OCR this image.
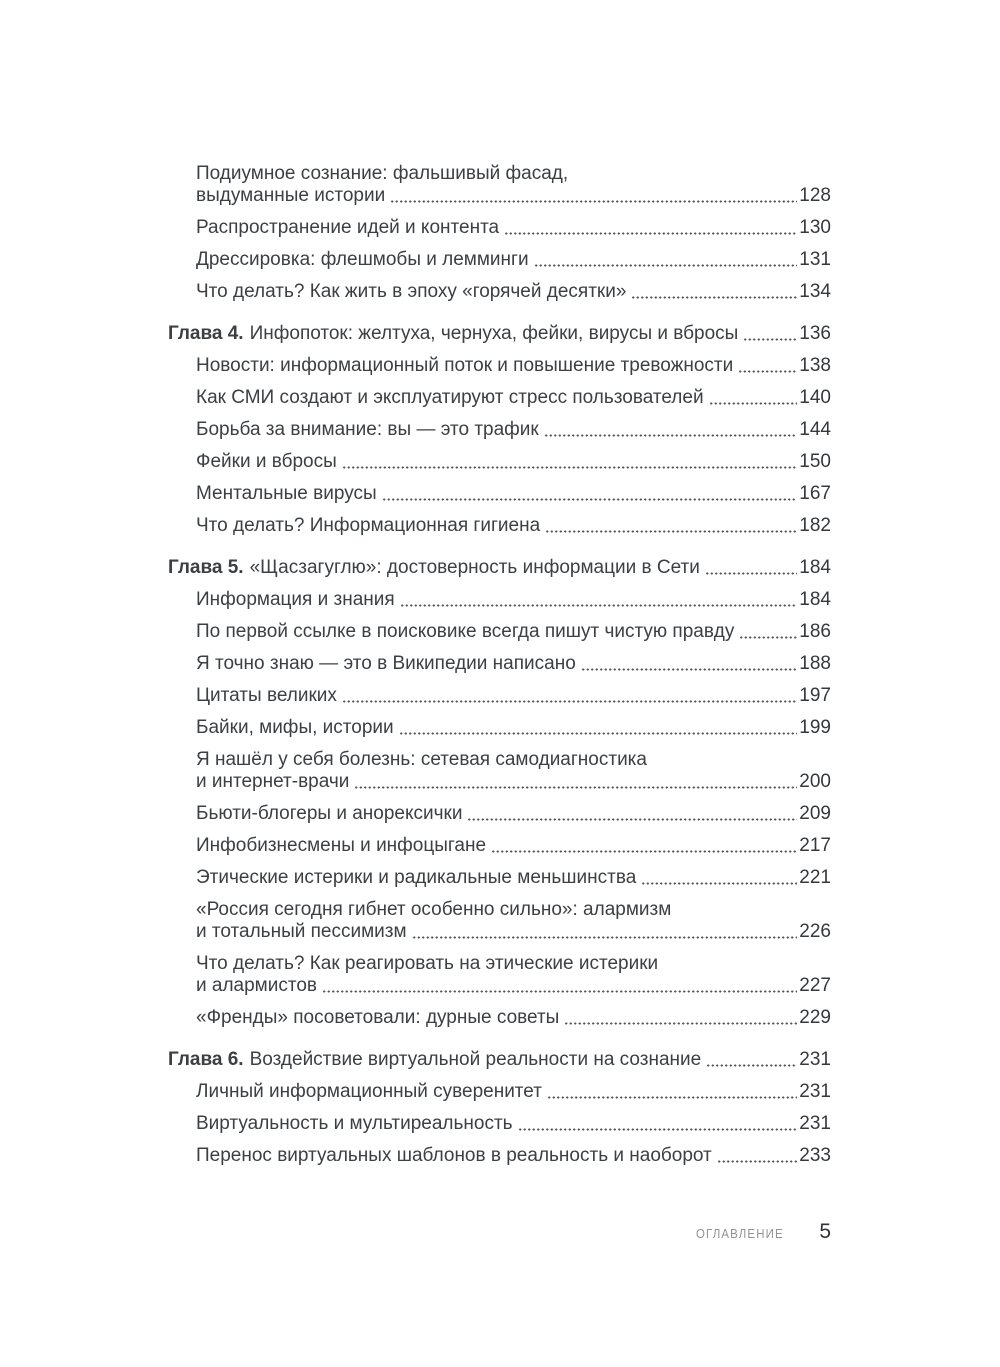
Подиумное сознание: фальшивый фасад,
выдуманные истории	128
Распространение идей и контента	130
Дрессировка: флешмобы и лемминги	131
Что делать? Как жить в эпоху «горячей десятки»	134
Глава 4. Инфопоток: желтуха, чернуха, фейки, вирусы и вбросы	136
Новости: информационный поток и повышение тревожности	138
Как СМИ создают и эксплуатируют стресс пользователей	140
Борьба за внимание: вы — это трафик	144
Фейки и вбросы	150
Ментальные вирусы	167
Что делать? Информационная гигиена	182
Глава 5. «Щасзагуглю»: достоверность информации в Сети	184
Информация и знания	184
По первой ссылке в поисковике всегда пишут чистую правду	186
Я точно знаю — это в Википедии написано	188
Цитаты великих	197
Байки, мифы, истории	199
Я нашёл у себя болезнь: сетевая самодиагностика
и интернет-врачи	200
Бьюти-блогеры и анорексички	209
Инфобизнесмены и инфоцыгане	217
Этические истерики и радикальные меньшинства	221
«Россия сегодня гибнет особенно сильно»: алармизм
и тотальный пессимизм	226
Что делать? Как реагировать на этические истерики
и алармистов	227
«Френды» посоветовали: дурные советы	229
Глава 6. Воздействие виртуальной реальности на сознание	231
Личный информационный суверенитет	231
Виртуальность и мультиреальность	231
Перенос виртуальных шаблонов в реальность и наоборот	233
ОГЛАВЛЕНИЕ 5
